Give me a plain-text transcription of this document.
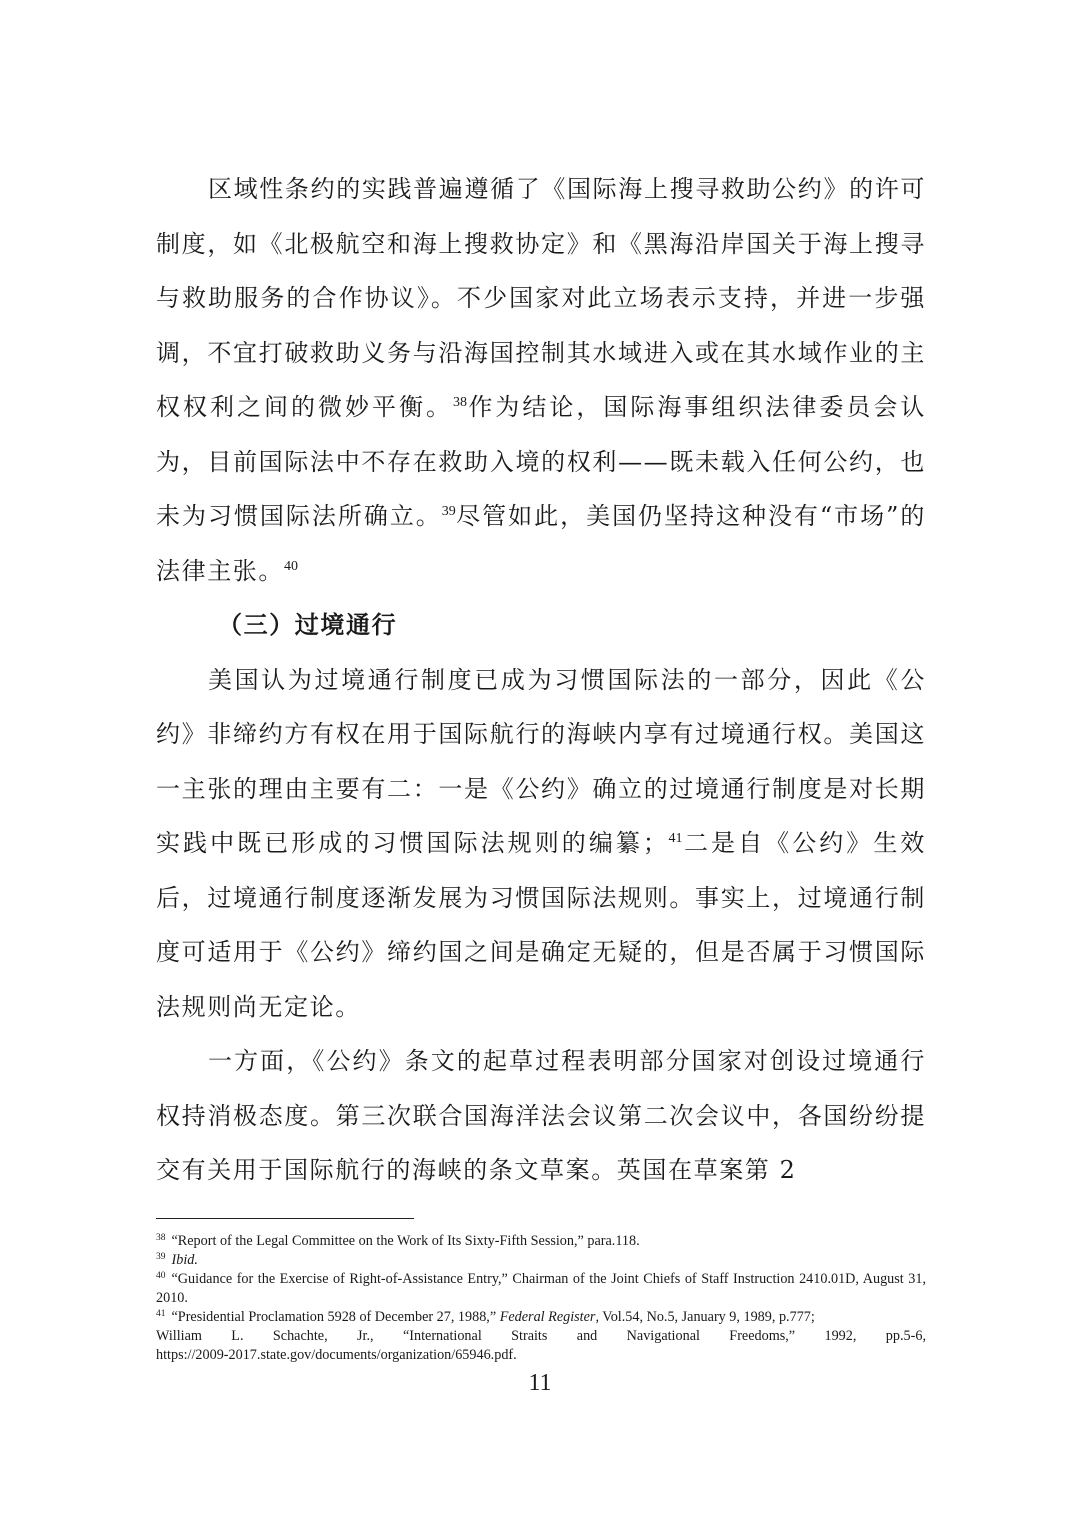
区域性条约的实践普遍遵循了《国际海上搜寻救助公约》的许可制度，如《北极航空和海上搜救协定》和《黑海沿岸国关于海上搜寻与救助服务的合作协议》。不少国家对此立场表示支持，并进一步强调，不宜打破救助义务与沿海国控制其水域进入或在其水域作业的主权权利之间的微妙平衡。$^{38}$作为结论，国际海事组织法律委员会认为，目前国际法中不存在救助入境的权利——既未载入任何公约，也未为习惯国际法所确立。$^{39}$尽管如此，美国仍坚持这种没有“市场”的法律主张。$^{40}$

（三）过境通行

美国认为过境通行制度已成为习惯国际法的一部分，因此《公约》非缔约方有权在用于国际航行的海峡内享有过境通行权。美国这一主张的理由主要有二：一是《公约》确立的过境通行制度是对长期实践中既已形成的习惯国际法规则的编纂；$^{41}$二是自《公约》生效后，过境通行制度逐渐发展为习惯国际法规则。事实上，过境通行制度可适用于《公约》缔约国之间是确定无疑的，但是否属于习惯国际法规则尚无定论。

一方面，《公约》条文的起草过程表明部分国家对创设过境通行权持消极态度。第三次联合国海洋法会议第二次会议中，各国纷纷提交有关用于国际航行的海峡的条文草案。英国在草案第 2

$^{38}$ “Report of the Legal Committee on the Work of Its Sixty-Fifth Session,” para.118.

$^{39}$ Ibid.

$^{40}$ “Guidance for the Exercise of Right-of-Assistance Entry,” Chairman of the Joint Chiefs of Staff Instruction 2410.01D, August 31, 2010.

$^{41}$ “Presidential Proclamation 5928 of December 27, 1988,” Federal Register, Vol.54, No.5, January 9, 1989, p.777;

William L. Schachte, Jr., “International Straits and Navigational Freedoms,” 1992, pp.5-6,

https://2009-2017.state.gov/documents/organization/65946.pdf.

11
